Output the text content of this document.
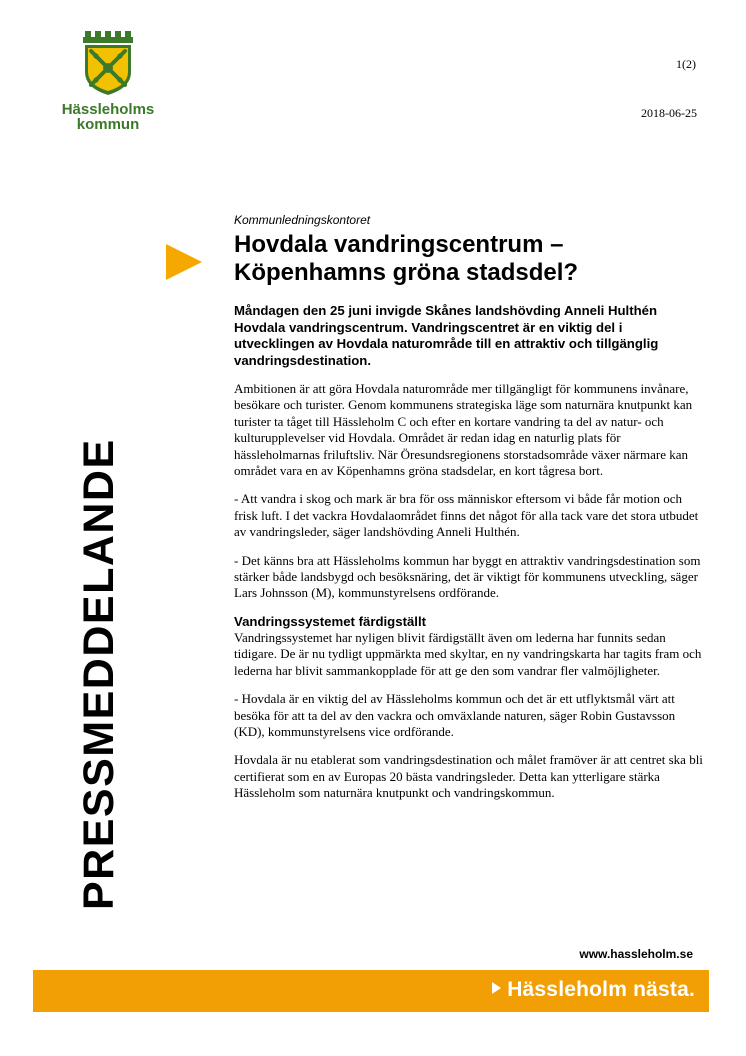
Hässleholms
kommun
1(2)
2018-06-25
PRESSMEDDELANDE
Kommunledningskontoret
Hovdala vandringscentrum –
Köpenhamns gröna stadsdel?

Måndagen den 25 juni invigde Skånes landshövding Anneli Hulthén Hovdala vandringscentrum. Vandringscentret är en viktig del i utvecklingen av Hovdala naturområde till en attraktiv och tillgänglig vandringsdestination.

Ambitionen är att göra Hovdala naturområde mer tillgängligt för kommunens invånare, besökare och turister. Genom kommunens strategiska läge som naturnära knutpunkt kan turister ta tåget till Hässleholm C och efter en kortare vandring ta del av natur- och kulturupplevelser vid Hovdala. Området är redan idag en naturlig plats för hässleholmarnas friluftsliv. När Öresundsregionens storstadsområde växer närmare kan området vara en av Köpenhamns gröna stadsdelar, en kort tågresa bort.

- Att vandra i skog och mark är bra för oss människor eftersom vi både får motion och frisk luft. I det vackra Hovdalaområdet finns det något för alla tack vare det stora utbudet av vandringsleder, säger landshövding Anneli Hulthén.

- Det känns bra att Hässleholms kommun har byggt en attraktiv vandringsdestination som stärker både landsbygd och besöksnäring, det är viktigt för kommunens utveckling, säger Lars Johnsson (M), kommunstyrelsens ordförande.

Vandringssystemet färdigställt

Vandringssystemet har nyligen blivit färdigställt även om lederna har funnits sedan tidigare. De är nu tydligt uppmärkta med skyltar, en ny vandringskarta har tagits fram och lederna har blivit sammankopplade för att ge den som vandrar fler valmöjligheter.

- Hovdala är en viktig del av Hässleholms kommun och det är ett utflyktsmål värt att besöka för att ta del av den vackra och omväxlande naturen, säger Robin Gustavsson (KD), kommunstyrelsens vice ordförande.

Hovdala är nu etablerat som vandringsdestination och målet framöver är att centret ska bli certifierat som en av Europas 20 bästa vandringsleder. Detta kan ytterligare stärka Hässleholm som naturnära knutpunkt och vandringskommun.

www.hassleholm.se
Hässleholm nästa.
